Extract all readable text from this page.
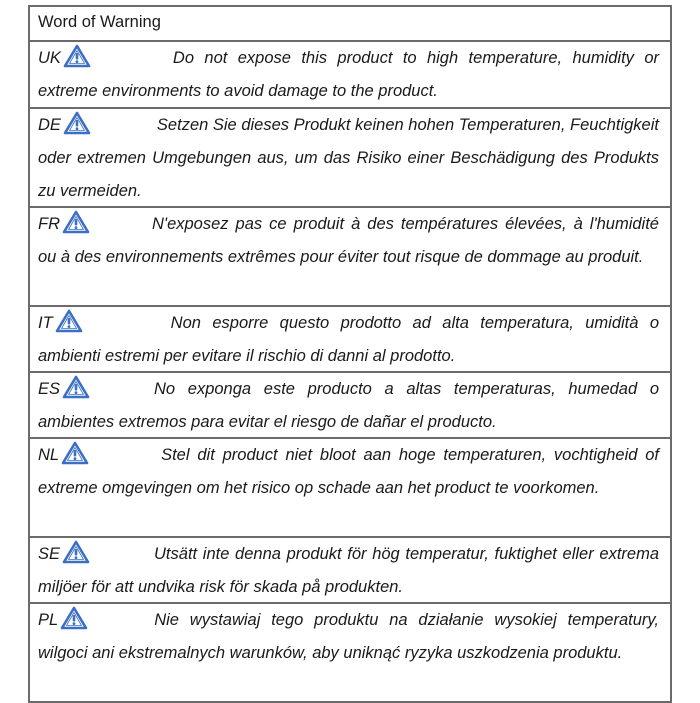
Word of Warning
UK	Do not expose this product to high temperature, humidity or extreme environments to avoid damage to the product.
DE	Setzen Sie dieses Produkt keinen hohen Temperaturen, Feuchtigkeit oder extremen Umgebungen aus, um das Risiko einer Beschädigung des Produkts zu vermeiden.
FR	N'exposez pas ce produit à des températures élevées, à l'humidité ou à des environnements extrêmes pour éviter tout risque de dommage au produit.
IT	Non esporre questo prodotto ad alta temperatura, umidità o ambienti estremi per evitare il rischio di danni al prodotto.
ES	No exponga este producto a altas temperaturas, humedad o ambientes extremos para evitar el riesgo de dañar el producto.
NL	Stel dit product niet bloot aan hoge temperaturen, vochtigheid of extreme omgevingen om het risico op schade aan het product te voorkomen.
SE	Utsätt inte denna produkt för hög temperatur, fuktighet eller extrema miljöer för att undvika risk för skada på produkten.
PL	Nie wystawiaj tego produktu na działanie wysokiej temperatury, wilgoci ani ekstremalnych warunków, aby uniknąć ryzyka uszkodzenia produktu.
